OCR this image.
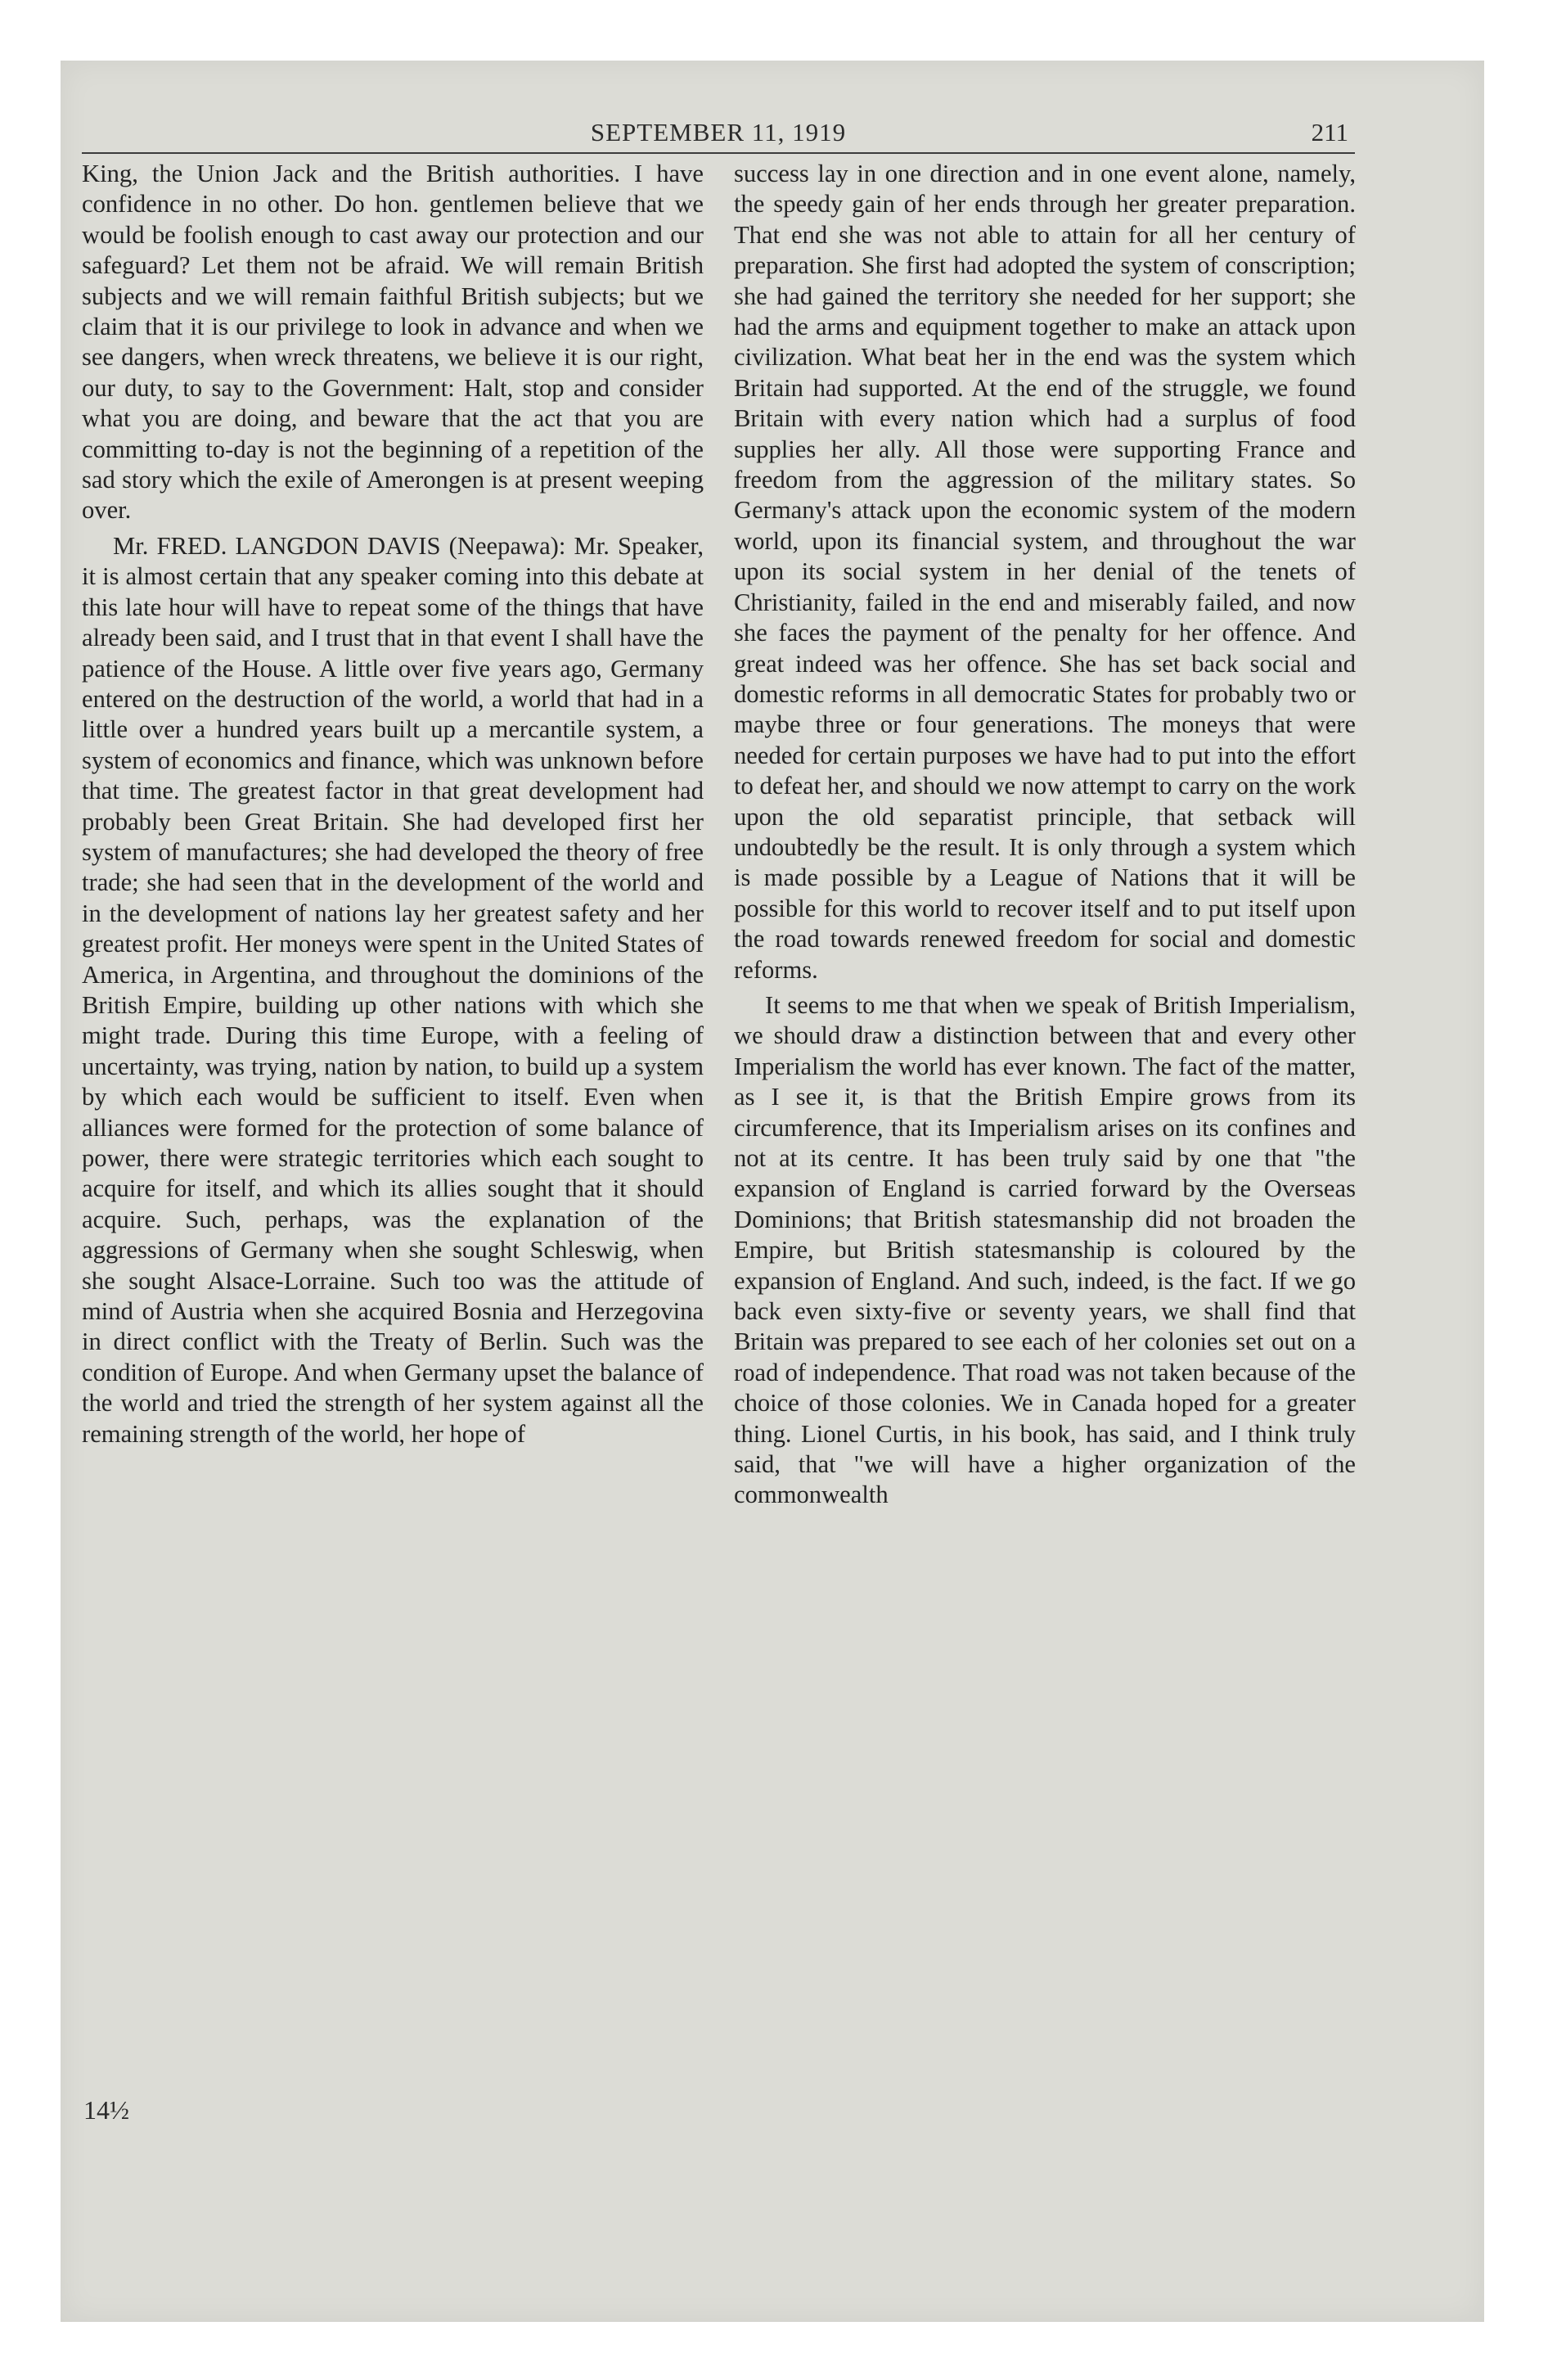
SEPTEMBER 11, 1919	211

King, the Union Jack and the British authorities. I have confidence in no other. Do hon. gentlemen believe that we would be foolish enough to cast away our protection and our safeguard? Let them not be afraid. We will remain British subjects and we will remain faithful British subjects; but we claim that it is our privilege to look in advance and when we see dangers, when wreck threatens, we believe it is our right, our duty, to say to the Government: Halt, stop and consider what you are doing, and beware that the act that you are committing to-day is not the beginning of a repetition of the sad story which the exile of Amerongen is at present weeping over.

Mr. FRED. LANGDON DAVIS (Neepawa): Mr. Speaker, it is almost certain that any speaker coming into this debate at this late hour will have to repeat some of the things that have already been said, and I trust that in that event I shall have the patience of the House. A little over five years ago, Germany entered on the destruction of the world, a world that had in a little over a hundred years built up a mercantile system, a system of economics and finance, which was unknown before that time. The greatest factor in that great development had probably been Great Britain. She had developed first her system of manufactures; she had developed the theory of free trade; she had seen that in the development of the world and in the development of nations lay her greatest safety and her greatest profit. Her moneys were spent in the United States of America, in Argentina, and throughout the dominions of the British Empire, building up other nations with which she might trade. During this time Europe, with a feeling of uncertainty, was trying, nation by nation, to build up a system by which each would be sufficient to itself. Even when alliances were formed for the protection of some balance of power, there were strategic territories which each sought to acquire for itself, and which its allies sought that it should acquire. Such, perhaps, was the explanation of the aggressions of Germany when she sought Schleswig, when she sought Alsace-Lorraine. Such too was the attitude of mind of Austria when she acquired Bosnia and Herzegovina in direct conflict with the Treaty of Berlin. Such was the condition of Europe. And when Germany upset the balance of the world and tried the strength of her system against all the remaining strength of the world, her hope of

success lay in one direction and in one event alone, namely, the speedy gain of her ends through her greater preparation. That end she was not able to attain for all her century of preparation. She first had adopted the system of conscription; she had gained the territory she needed for her support; she had the arms and equipment together to make an attack upon civilization. What beat her in the end was the system which Britain had supported. At the end of the struggle, we found Britain with every nation which had a surplus of food supplies her ally. All those were supporting France and freedom from the aggression of the military states. So Germany's attack upon the economic system of the modern world, upon its financial system, and throughout the war upon its social system in her denial of the tenets of Christianity, failed in the end and miserably failed, and now she faces the payment of the penalty for her offence. And great indeed was her offence. She has set back social and domestic reforms in all democratic States for probably two or maybe three or four generations. The moneys that were needed for certain purposes we have had to put into the effort to defeat her, and should we now attempt to carry on the work upon the old separatist principle, that setback will undoubtedly be the result. It is only through a system which is made possible by a League of Nations that it will be possible for this world to recover itself and to put itself upon the road towards renewed freedom for social and domestic reforms.

It seems to me that when we speak of British Imperialism, we should draw a distinction between that and every other Imperialism the world has ever known. The fact of the matter, as I see it, is that the British Empire grows from its circumference, that its Imperialism arises on its confines and not at its centre. It has been truly said by one that "the expansion of England is carried forward by the Overseas Dominions; that British statesmanship did not broaden the Empire, but British statesmanship is coloured by the expansion of England. And such, indeed, is the fact. If we go back even sixty-five or seventy years, we shall find that Britain was prepared to see each of her colonies set out on a road of independence. That road was not taken because of the choice of those colonies. We in Canada hoped for a greater thing. Lionel Curtis, in his book, has said, and I think truly said, that "we will have a higher organization of the commonwealth

14½
